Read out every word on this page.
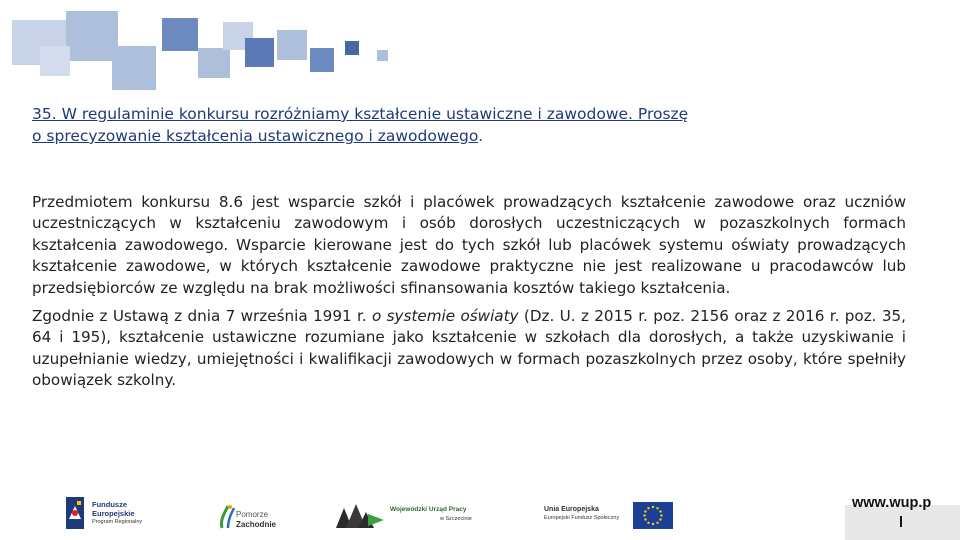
35. W regulaminie konkursu rozróżniamy kształcenie ustawiczne i zawodowe. Proszę
o sprecyzowanie kształcenia ustawicznego i zawodowego.

Przedmiotem konkursu 8.6 jest wsparcie szkół i placówek prowadzących kształcenie zawodowe oraz uczniów uczestniczących w kształceniu zawodowym i osób dorosłych uczestniczących w pozaszkolnych formach kształcenia zawodowego. Wsparcie kierowane jest do tych szkół lub placówek systemu oświaty prowadzących kształcenie zawodowe, w których kształcenie zawodowe praktyczne nie jest realizowane u pracodawców lub przedsiębiorców ze względu na brak możliwości sfinansowania kosztów takiego kształcenia.

Zgodnie z Ustawą z dnia 7 września 1991 r. o systemie oświaty (Dz. U. z 2015 r. poz. 2156 oraz z 2016 r. poz. 35, 64 i 195), kształcenie ustawiczne rozumiane jako kształcenie w szkołach dla dorosłych, a także uzyskiwanie i uzupełnianie wiedzy, umiejętności i kwalifikacji zawodowych w formach pozaszkolnych przez osoby, które spełniły obowiązek szkolny.

Fundusze
Europejskie
Program Regionalny
Pomorze
Zachodnie
Wojewódzki Urząd Pracy
w Szczecinie
Unia Europejska
Europejski Fundusz Społeczny
www.wup.p
l
